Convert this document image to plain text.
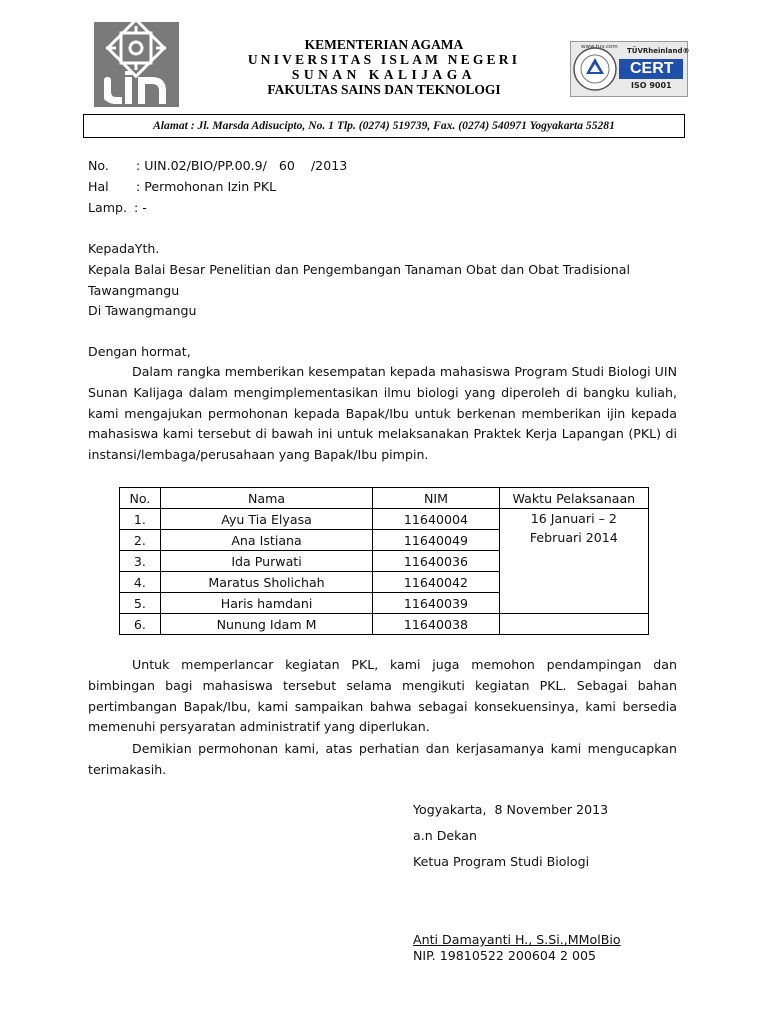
KEMENTERIAN AGAMA
UNIVERSITAS ISLAM NEGERI
SUNAN KALIJAGA
FAKULTAS SAINS DAN TEKNOLOGI
www.tuv.com TÜVRheinland®
CERT
ISO 9001
Alamat : Jl. Marsda Adisucipto, No. 1 Tlp. (0274) 519739, Fax. (0274) 540971 Yogyakarta 55281
No. : UIN.02/BIO/PP.00.9/   60    /2013
Hal : Permohonan Izin PKL
Lamp. : -
KepadaYth.
Kepala Balai Besar Penelitian dan Pengembangan Tanaman Obat dan Obat Tradisional
Tawangmangu
Di Tawangmangu
Dengan hormat,
Dalam rangka memberikan kesempatan kepada mahasiswa Program Studi Biologi UIN Sunan Kalijaga dalam mengimplementasikan ilmu biologi yang diperoleh di bangku kuliah, kami mengajukan permohonan kepada Bapak/Ibu untuk berkenan memberikan ijin kepada mahasiswa kami tersebut di bawah ini untuk melaksanakan Praktek Kerja Lapangan (PKL) di instansi/lembaga/perusahaan yang Bapak/Ibu pimpin.
No.	Nama	NIM	Waktu Pelaksanaan
1.	Ayu Tia Elyasa	11640004	16 Januari – 2
Februari 2014

2.	Ana Istiana	11640049	
3.	Ida Purwati	11640036	
4.	Maratus Sholichah	11640042	
5.	Haris hamdani	11640039	
6.	Nunung Idam M	11640038	
Untuk memperlancar kegiatan PKL, kami juga memohon pendampingan dan bimbingan bagi mahasiswa tersebut selama mengikuti kegiatan PKL. Sebagai bahan pertimbangan Bapak/Ibu, kami sampaikan bahwa sebagai konsekuensinya, kami bersedia memenuhi persyaratan administratif yang diperlukan.
Demikian permohonan kami, atas perhatian dan kerjasamanya kami mengucapkan terimakasih.
Yogyakarta,  8 November 2013
a.n Dekan
Ketua Program Studi Biologi
Anti Damayanti H., S.Si.,MMolBio
NIP. 19810522 200604 2 005
